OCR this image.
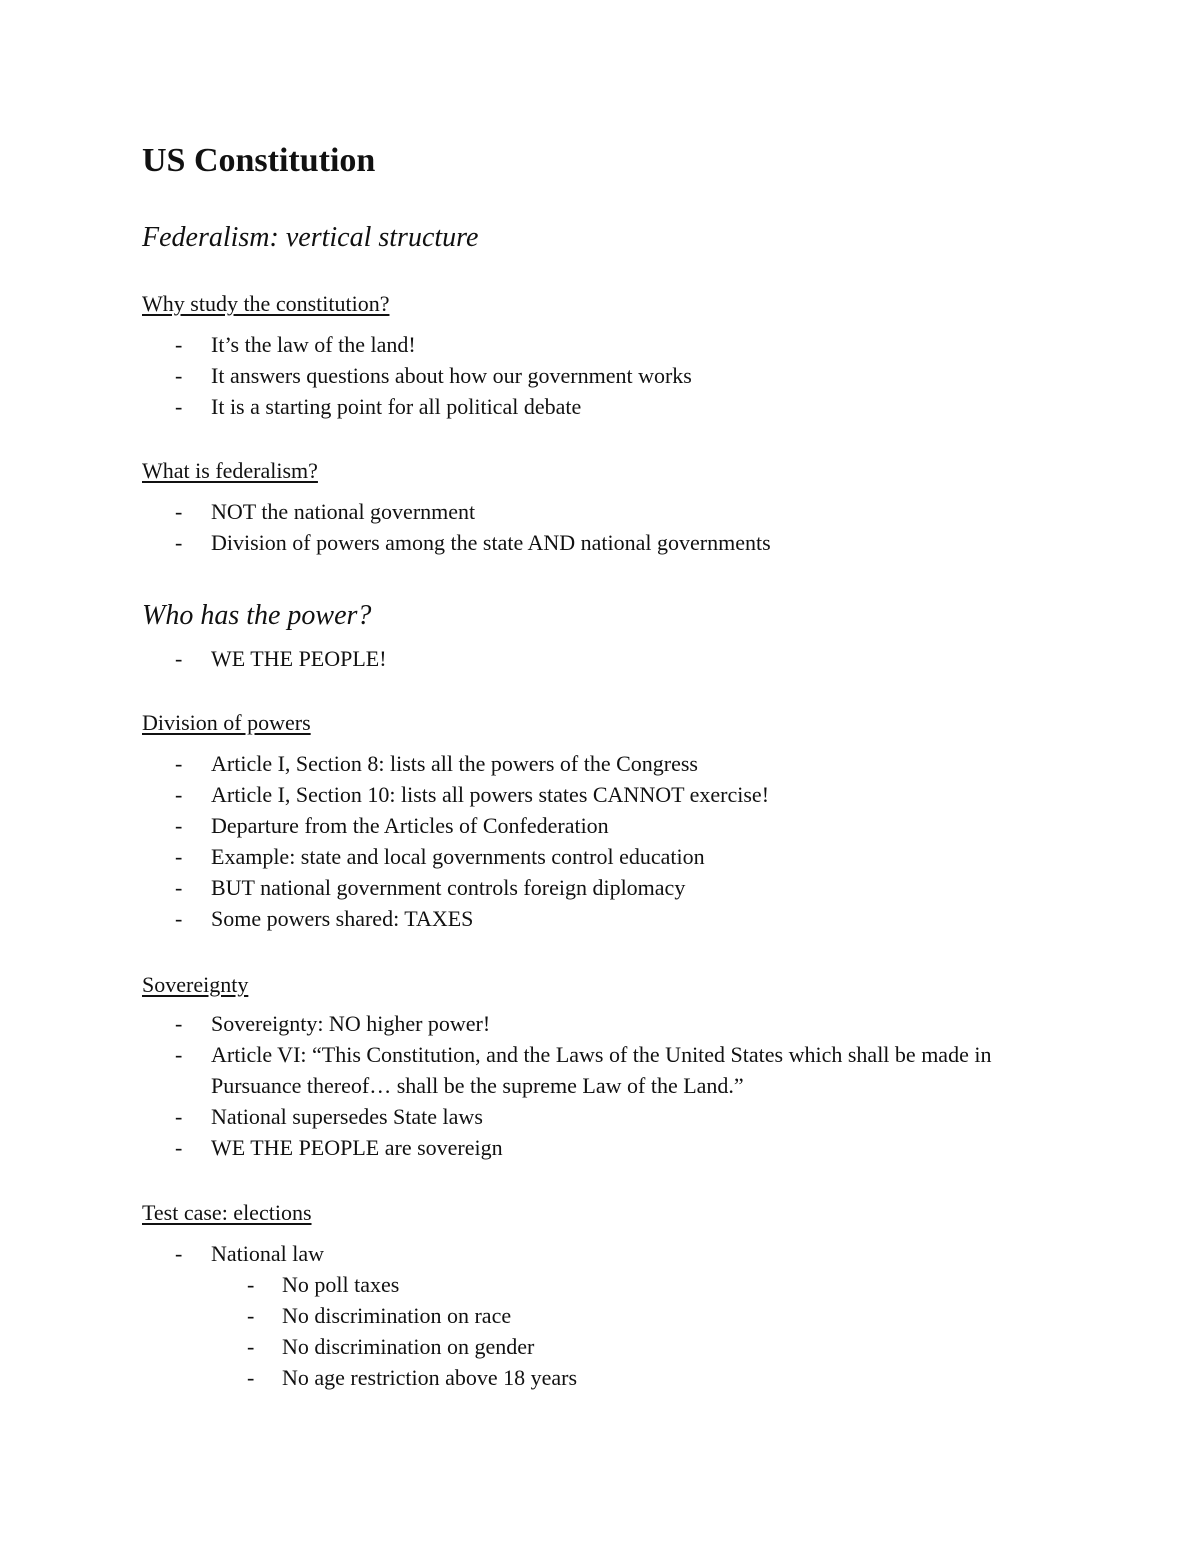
US Constitution
Federalism: vertical structure
Why study the constitution?
- It’s the law of the land!
- It answers questions about how our government works
- It is a starting point for all political debate
What is federalism?
- NOT the national government
- Division of powers among the state AND national governments
Who has the power?
- WE THE PEOPLE!
Division of powers
- Article I, Section 8: lists all the powers of the Congress
- Article I, Section 10: lists all powers states CANNOT exercise!
- Departure from the Articles of Confederation
- Example: state and local governments control education
- BUT national government controls foreign diplomacy
- Some powers shared: TAXES
Sovereignty
- Sovereignty: NO higher power!
- Article VI: “This Constitution, and the Laws of the United States which shall be made in Pursuance thereof… shall be the supreme Law of the Land.”
- National supersedes State laws
- WE THE PEOPLE are sovereign
Test case: elections
- National law
- No poll taxes
- No discrimination on race
- No discrimination on gender
- No age restriction above 18 years
